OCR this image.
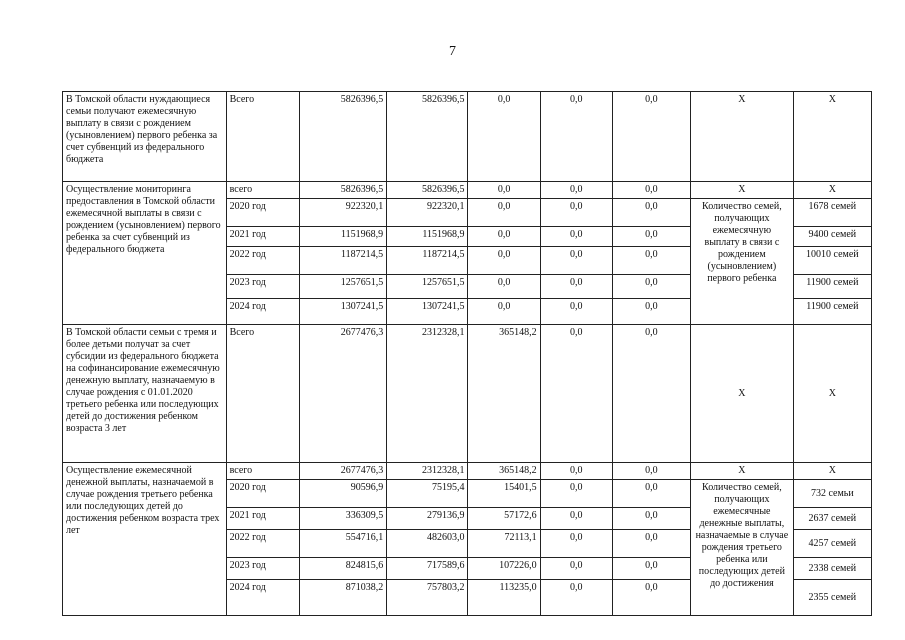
7
В Томской области нуждающиеся семьи получают ежемесячную выплату в связи с рождением (усыновлением) первого ребенка за счет субвенций из федерального бюджета	Всего	5826396,5	5826396,5	0,0	0,0	0,0	Х	Х
Осуществление мониторинга предоставления в Томской области ежемесячной выплаты в связи с рождением (усыновлением) первого ребенка за счет субвенций из федерального бюджета	всего	5826396,5	5826396,5	0,0	0,0	0,0	Х	Х
	2020 год	922320,1	922320,1	0,0	0,0	0,0	Количество семей, получающих ежемесячную выплату в связи с рождением (усыновлением) первого ребенка	1678 семей
	2021 год	1151968,9	1151968,9	0,0	0,0	0,0		9400 семей
	2022 год	1187214,5	1187214,5	0,0	0,0	0,0		10010 семей
	2023 год	1257651,5	1257651,5	0,0	0,0	0,0		11900 семей
	2024 год	1307241,5	1307241,5	0,0	0,0	0,0		11900 семей
В Томской области семьи с тремя и более детьми получат за счет субсидии из федерального бюджета на софинансирование ежемесячную денежную выплату, назначаемую в случае рождения с 01.01.2020 третьего ребенка или последующих детей до достижения ребенком возраста 3 лет	Всего	2677476,3	2312328,1	365148,2	0,0	0,0	Х	Х
Осуществление ежемесячной денежной выплаты, назначаемой в случае рождения третьего ребенка или последующих детей до достижения ребенком возраста трех лет	всего	2677476,3	2312328,1	365148,2	0,0	0,0	Х	Х
	2020 год	90596,9	75195,4	15401,5	0,0	0,0	Количество семей, получающих ежемесячные денежные выплаты, назначаемые в случае рождения третьего ребенка или последующих детей до достижения	732 семьи
	2021 год	336309,5	279136,9	57172,6	0,0	0,0		2637 семей
	2022 год	554716,1	482603,0	72113,1	0,0	0,0		4257 семей
	2023 год	824815,6	717589,6	107226,0	0,0	0,0		2338 семей
	2024 год	871038,2	757803,2	113235,0	0,0	0,0		2355 семей
